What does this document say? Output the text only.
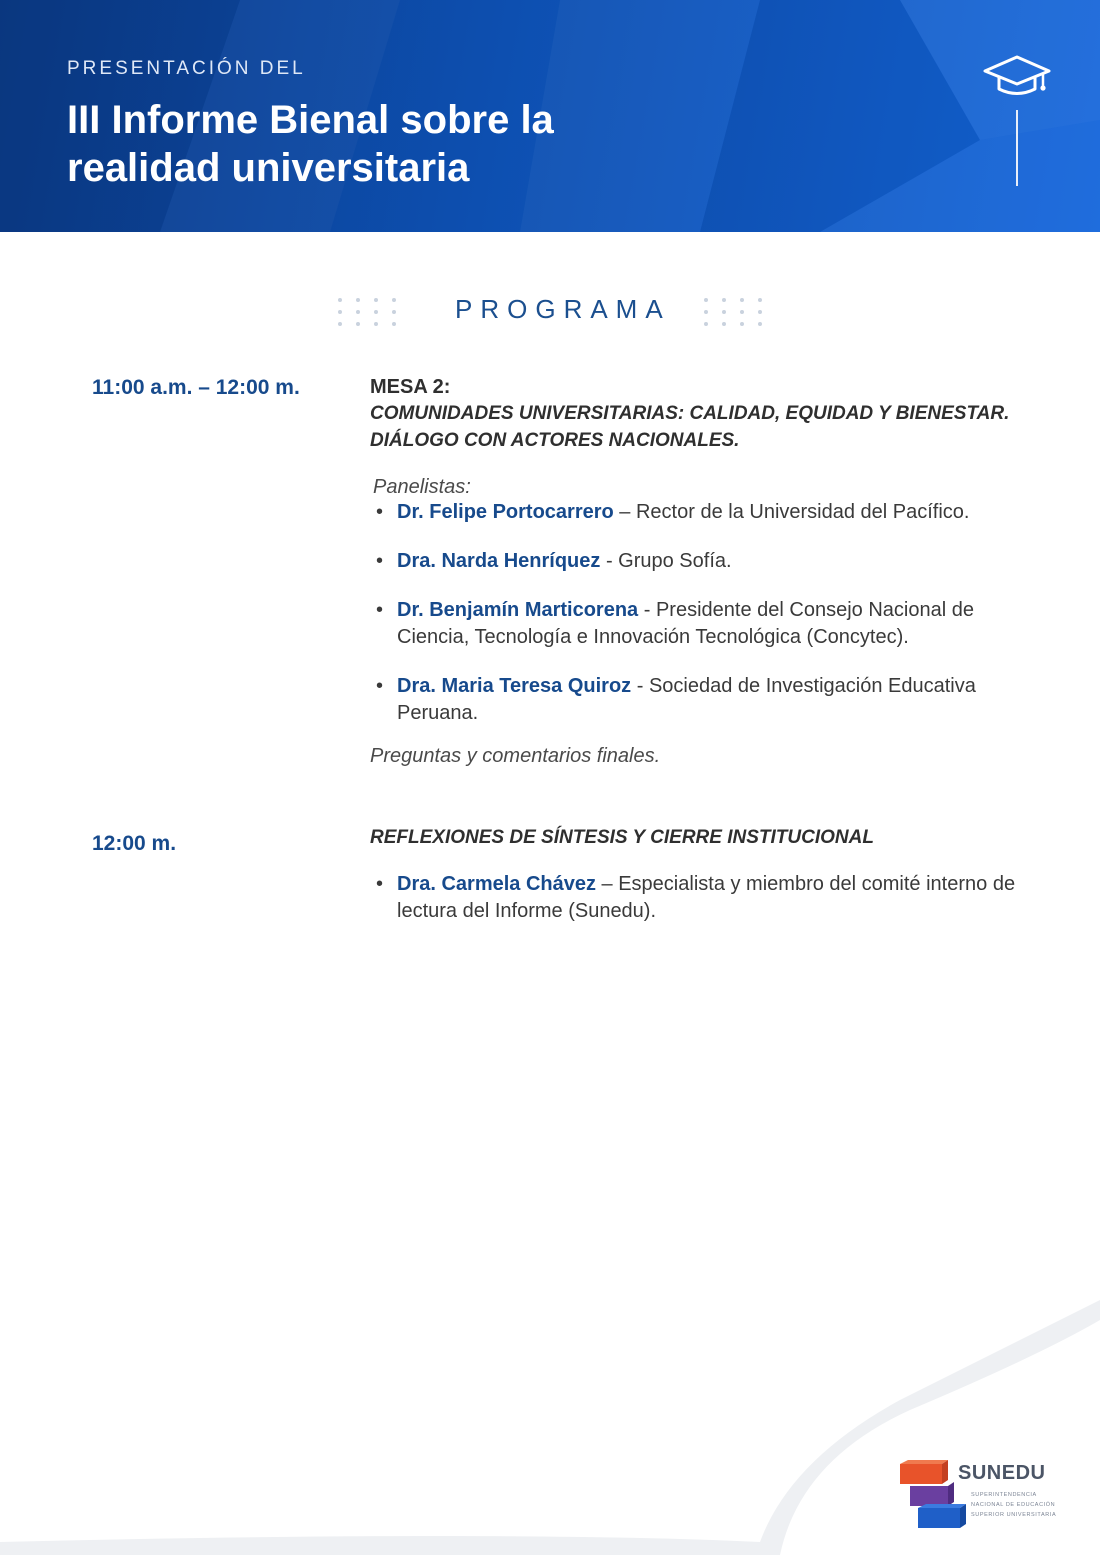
PRESENTACIÓN DEL
III Informe Bienal sobre la realidad universitaria
PROGRAMA
11:00 a.m. – 12:00 m.	MESA 2:

COMUNIDADES UNIVERSITARIAS: CALIDAD, EQUIDAD Y BIENESTAR. DIÁLOGO CON ACTORES NACIONALES.

Panelistas:

• Dr. Felipe Portocarrero – Rector de la Universidad del Pacífico.
• Dra. Narda Henríquez - Grupo Sofía.
• Dr. Benjamín Marticorena - Presidente del Consejo Nacional de Ciencia, Tecnología e Innovación Tecnológica (Concytec).
• Dra. Maria Teresa Quiroz - Sociedad de Investigación Educativa Peruana.
Preguntas y comentarios finales.
12:00 m.	REFLEXIONES DE SÍNTESIS Y CIERRE INSTITUCIONAL
• Dra. Carmela Chávez – Especialista y miembro del comité interno de lectura del Informe (Sunedu).
SUNEDU
SUPERINTENDENCIA
NACIONAL DE EDUCACIÓN
SUPERIOR UNIVERSITARIA
